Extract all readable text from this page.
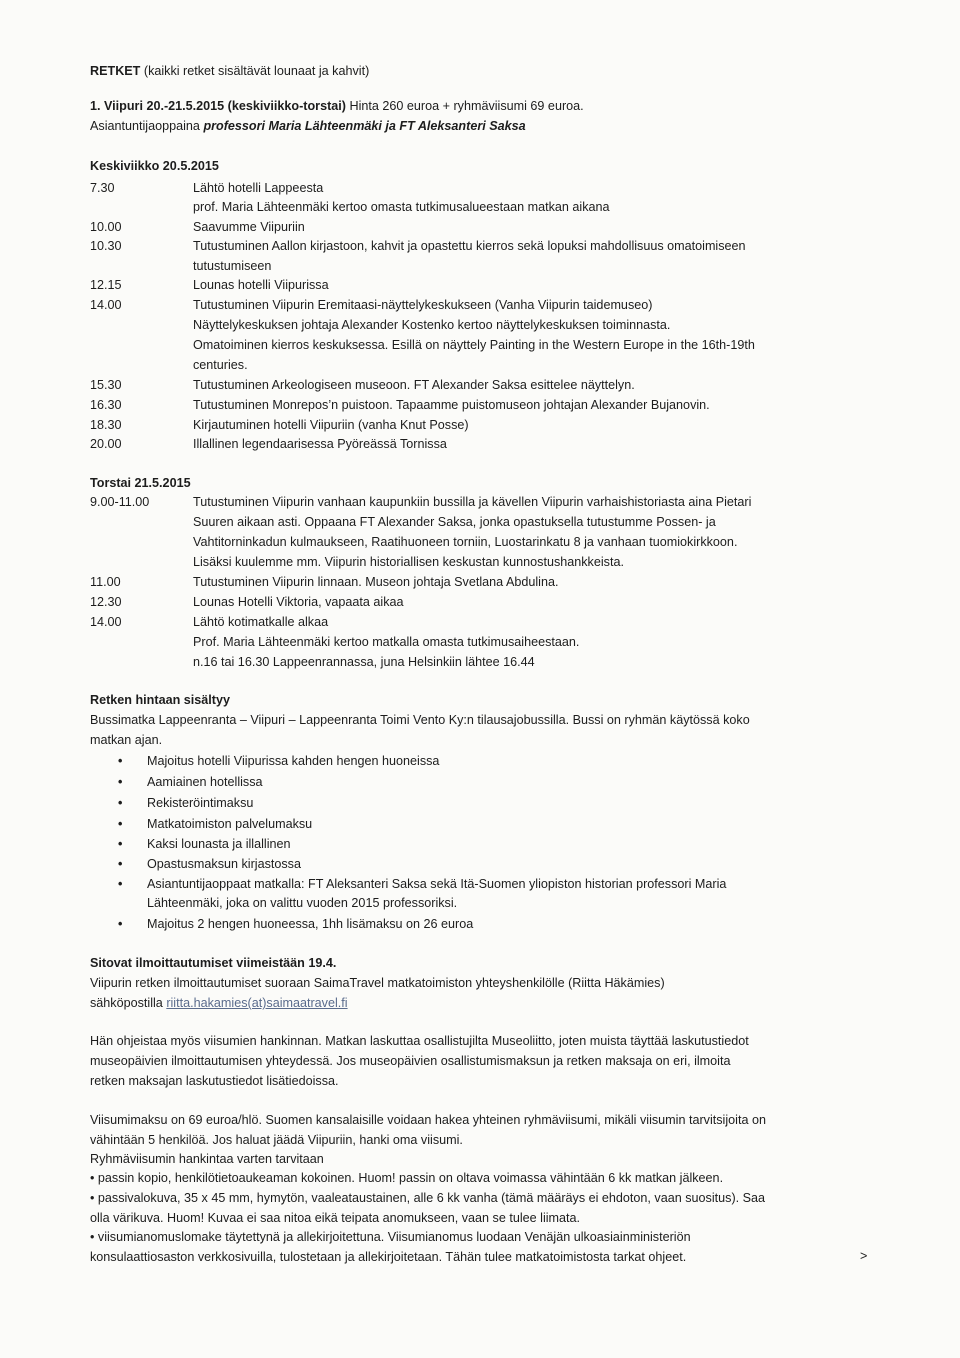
RETKET (kaikki retket sisältävät lounaat ja kahvit)
1. Viipuri 20.-21.5.2015 (keskiviikko-torstai) Hinta 260 euroa + ryhmäviisumi 69 euroa.
Asiantuntijaoppaina professori Maria Lähteenmäki ja FT Aleksanteri Saksa
Keskiviikko 20.5.2015
7.30	Lähtö hotelli Lappeesta
prof. Maria Lähteenmäki kertoo omasta tutkimusalueestaan matkan aikana
10.00	Saavumme Viipuriin
10.30	Tutustuminen Aallon kirjastoon, kahvit ja opastettu kierros sekä lopuksi mahdollisuus omatoimiseen
tutustumiseen
12.15	Lounas hotelli Viipurissa
14.00	Tutustuminen Viipurin Eremitaasi-näyttelykeskukseen (Vanha Viipurin taidemuseo)
Näyttelykeskuksen johtaja Alexander Kostenko kertoo näyttelykeskuksen toiminnasta.
Omatoiminen kierros keskuksessa. Esillä on näyttely Painting in the Western Europe in the 16th-19th
centuries.
15.30	Tutustuminen Arkeologiseen museoon. FT Alexander Saksa esittelee näyttelyn.
16.30	Tutustuminen Monrepos’n puistoon. Tapaamme puistomuseon johtajan Alexander Bujanovin.
18.30	Kirjautuminen hotelli Viipuriin (vanha Knut Posse)
20.00	Illallinen legendaarisessa Pyöreässä Tornissa
Torstai 21.5.2015
9.00-11.00	Tutustuminen Viipurin vanhaan kaupunkiin bussilla ja kävellen Viipurin varhaishistoriasta aina Pietari
Suuren aikaan asti. Oppaana FT Alexander Saksa, jonka opastuksella tutustumme Possen- ja
Vahtitorninkadun kulmaukseen, Raatihuoneen torniin, Luostarinkatu 8 ja vanhaan tuomiokirkkoon.
Lisäksi kuulemme mm. Viipurin historiallisen keskustan kunnostushankkeista.
11.00	Tutustuminen Viipurin linnaan. Museon johtaja Svetlana Abdulina.
12.30	Lounas Hotelli Viktoria, vapaata aikaa
14.00	Lähtö kotimatkalle alkaa
Prof. Maria Lähteenmäki kertoo matkalla omasta tutkimusaiheestaan.
n.16 tai 16.30 Lappeenrannassa, juna Helsinkiin lähtee 16.44
Retken hintaan sisältyy
Bussimatka Lappeenranta – Viipuri – Lappeenranta Toimi Vento Ky:n tilausajobussilla. Bussi on ryhmän käytössä koko
matkan ajan.
• Majoitus hotelli Viipurissa kahden hengen huoneissa
• Aamiainen hotellissa
• Rekisteröintimaksu
• Matkatoimiston palvelumaksu
• Kaksi lounasta ja illallinen
• Opastusmaksun kirjastossa
• Asiantuntijaoppaat matkalla: FT Aleksanteri Saksa sekä Itä-Suomen yliopiston historian professori Maria
Lähteenmäki, joka on valittu vuoden 2015 professoriksi.
• Majoitus 2 hengen huoneessa, 1hh lisämaksu on 26 euroa
Sitovat ilmoittautumiset viimeistään 19.4.
Viipurin retken ilmoittautumiset suoraan SaimaTravel matkatoimiston yhteyshenkilölle (Riitta Häkämies)
sähköpostilla riitta.hakamies(at)saimaatravel.fi
Hän ohjeistaa myös viisumien hankinnan. Matkan laskuttaa osallistujilta Museoliitto, joten muista täyttää laskutustiedot
museopäivien ilmoittautumisen yhteydessä. Jos museopäivien osallistumismaksun ja retken maksaja on eri, ilmoita
retken maksajan laskutustiedot lisätiedoissa.
Viisumimaksu on 69 euroa/hlö. Suomen kansalaisille voidaan hakea yhteinen ryhmäviisumi, mikäli viisumin tarvitsijoita on
vähintään 5 henkilöä. Jos haluat jäädä Viipuriin, hanki oma viisumi.
Ryhmäviisumin hankintaa varten tarvitaan
• passin kopio, henkilötietoaukeaman kokoinen. Huom! passin on oltava voimassa vähintään 6 kk matkan jälkeen.
• passivalokuva, 35 x 45 mm, hymytön, vaaleataustainen, alle 6 kk vanha (tämä määräys ei ehdoton, vaan suositus). Saa
olla värikuva. Huom! Kuvaa ei saa nitoa eikä teipata anomukseen, vaan se tulee liimata.
• viisumianomuslomake täytettynä ja allekirjoitettuna. Viisumianomus luodaan Venäjän ulkoasiainministeriön
konsulaattiosaston verkkosivuilla, tulostetaan ja allekirjoitetaan. Tähän tulee matkatoimistosta tarkat ohjeet.	>
